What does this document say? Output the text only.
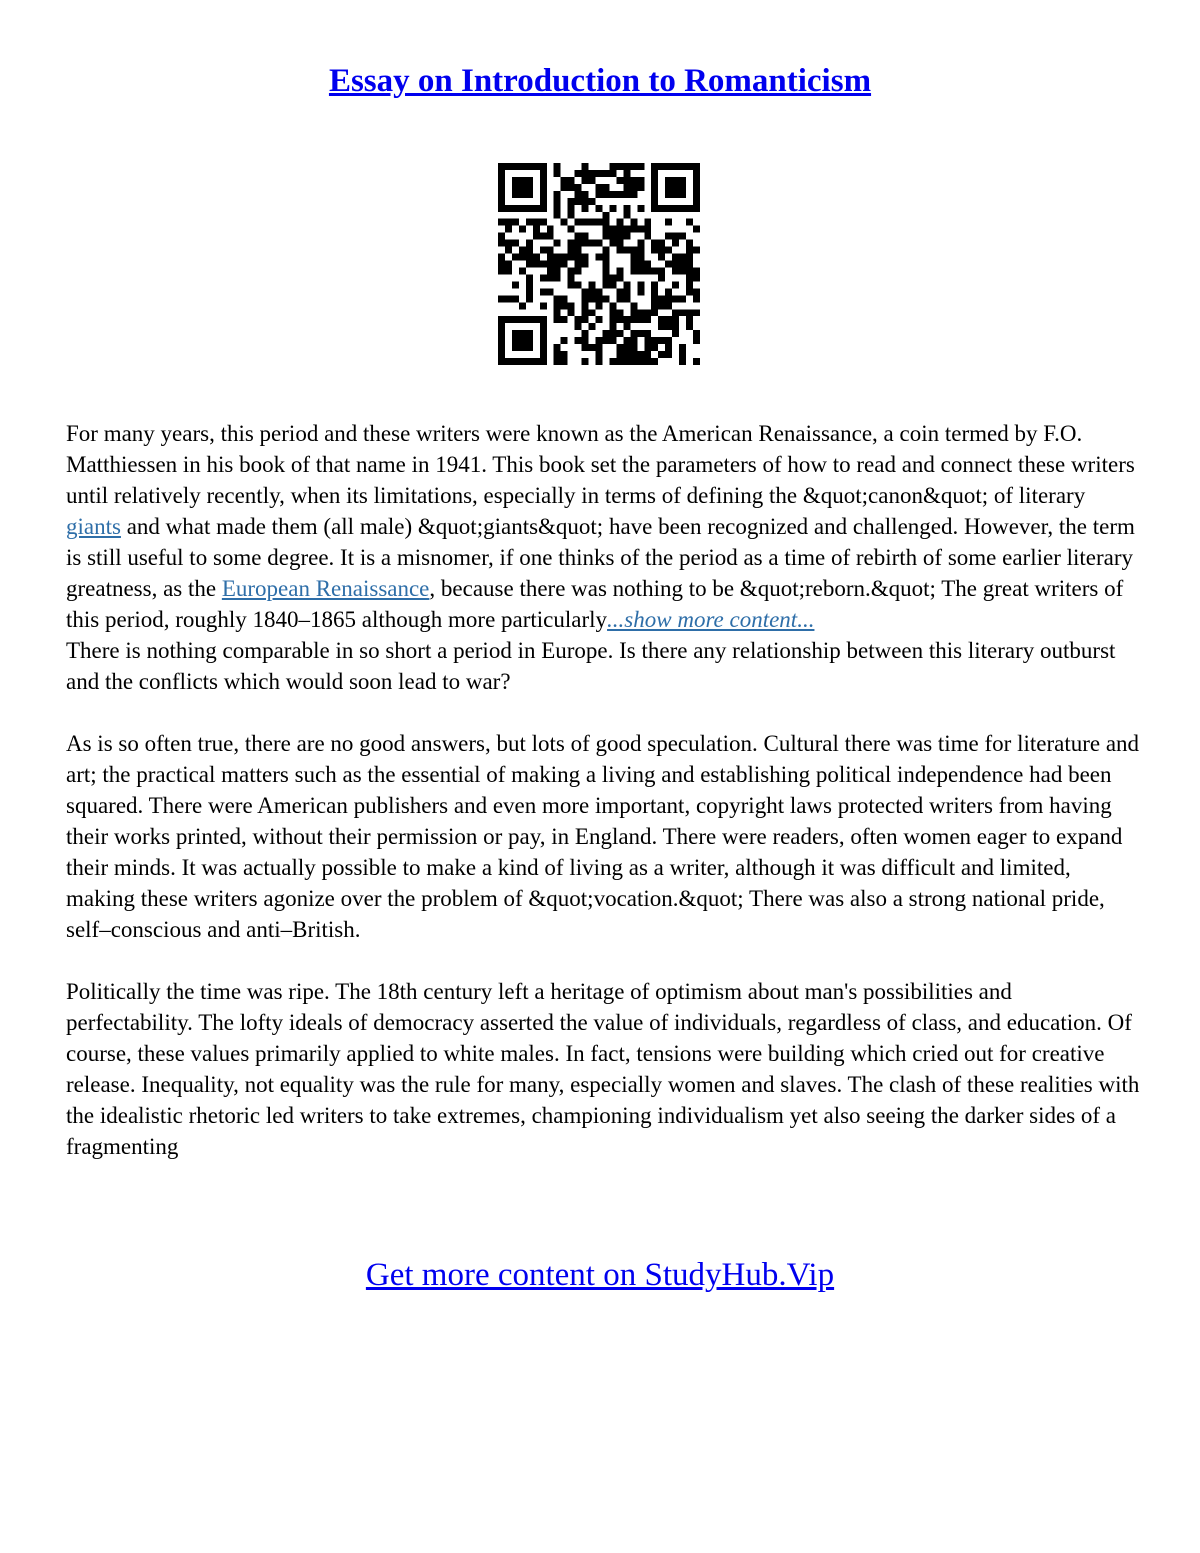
Essay on Introduction to Romanticism

For many years, this period and these writers were known as the American Renaissance, a coin termed by F.O. Matthiessen in his book of that name in 1941. This book set the parameters of how to read and connect these writers until relatively recently, when its limitations, especially in terms of defining the &quot;canon&quot; of literary giants and what made them (all male) &quot;giants&quot; have been recognized and challenged. However, the term is still useful to some degree. It is a misnomer, if one thinks of the period as a time of rebirth of some earlier literary greatness, as the European Renaissance, because there was nothing to be &quot;reborn.&quot; The great writers of this period, roughly 1840–1865 although more particularly...show more content...
There is nothing comparable in so short a period in Europe. Is there any relationship between this literary outburst and the conflicts which would soon lead to war?

As is so often true, there are no good answers, but lots of good speculation. Cultural there was time for literature and art; the practical matters such as the essential of making a living and establishing political independence had been squared. There were American publishers and even more important, copyright laws protected writers from having their works printed, without their permission or pay, in England. There were readers, often women eager to expand their minds. It was actually possible to make a kind of living as a writer, although it was difficult and limited, making these writers agonize over the problem of &quot;vocation.&quot; There was also a strong national pride, self–conscious and anti–British.

Politically the time was ripe. The 18th century left a heritage of optimism about man's possibilities and perfectability. The lofty ideals of democracy asserted the value of individuals, regardless of class, and education. Of course, these values primarily applied to white males. In fact, tensions were building which cried out for creative release. Inequality, not equality was the rule for many, especially women and slaves. The clash of these realities with the idealistic rhetoric led writers to take extremes, championing individualism yet also seeing the darker sides of a fragmenting

Get more content on StudyHub.Vip
